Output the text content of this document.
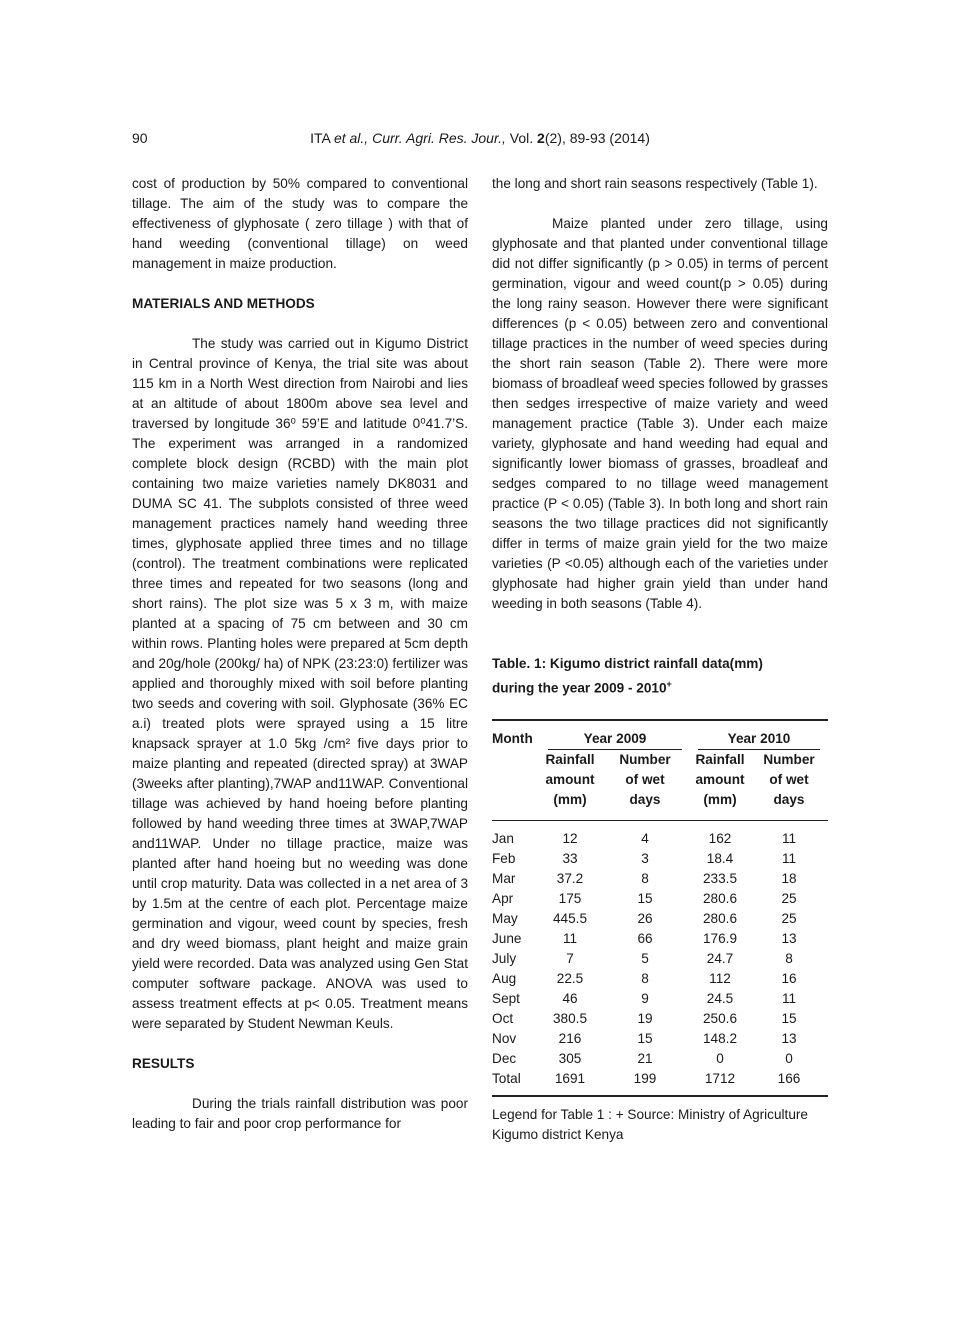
90	ITA et al., Curr. Agri. Res. Jour., Vol. 2(2), 89-93 (2014)

cost of production by 50% compared to conventional tillage. The aim of the study was to compare the effectiveness of glyphosate ( zero tillage ) with that of hand weeding (conventional tillage) on weed management in maize production.

MATERIALS AND METHODS

The study was carried out in Kigumo District in Central province of Kenya, the trial site was about 115 km in a North West direction from Nairobi and lies at an altitude of about 1800m above sea level and traversed by longitude 36⁰ 59’E and latitude 0⁰41.7’S. The experiment was arranged in a randomized complete block design (RCBD) with the main plot containing two maize varieties namely DK8031 and DUMA SC 41. The subplots consisted of three weed management practices namely hand weeding three times, glyphosate applied three times and no tillage (control). The treatment combinations were replicated three times and repeated for two seasons (long and short rains). The plot size was 5 x 3 m, with maize planted at a spacing of 75 cm between and 30 cm within rows. Planting holes were prepared at 5cm depth and 20g/hole (200kg/ ha) of NPK (23:23:0) fertilizer was applied and thoroughly mixed with soil before planting two seeds and covering with soil. Glyphosate (36% EC a.i) treated plots were sprayed using a 15 litre knapsack sprayer at 1.0 5kg /cm² five days prior to maize planting and repeated (directed spray) at 3WAP (3weeks after planting),7WAP and11WAP. Conventional tillage was achieved by hand hoeing before planting followed by hand weeding three times at 3WAP,7WAP and11WAP. Under no tillage practice, maize was planted after hand hoeing but no weeding was done until crop maturity. Data was collected in a net area of 3 by 1.5m at the centre of each plot. Percentage maize germination and vigour, weed count by species, fresh and dry weed biomass, plant height and maize grain yield were recorded. Data was analyzed using Gen Stat computer software package. ANOVA was used to assess treatment effects at p< 0.05. Treatment means were separated by Student Newman Keuls.

RESULTS

During the trials rainfall distribution was poor leading to fair and poor crop performance for

the long and short rain seasons respectively (Table 1).

Maize planted under zero tillage, using glyphosate and that planted under conventional tillage did not differ significantly (p > 0.05) in terms of percent germination, vigour and weed count(p > 0.05) during the long rainy season. However there were significant differences (p < 0.05) between zero and conventional tillage practices in the number of weed species during the short rain season (Table 2). There were more biomass of broadleaf weed species followed by grasses then sedges irrespective of maize variety and weed management practice (Table 3). Under each maize variety, glyphosate and hand weeding had equal and significantly lower biomass of grasses, broadleaf and sedges compared to no tillage weed management practice (P < 0.05) (Table 3). In both long and short rain seasons the two tillage practices did not significantly differ in terms of maize grain yield for the two maize varieties (P <0.05) although each of the varieties under glyphosate had higher grain yield than under hand weeding in both seasons (Table 4).

Table. 1: Kigumo district rainfall data(mm)
during the year 2009 - 2010+

Month	Year 2009		Year 2010	

	Rainfall
amount
(mm)	Number
of wet
days	Rainfall
amount
(mm)	Number
of wet
days

Jan	12	4	162	11
Feb	33	3	18.4	11
Mar	37.2	8	233.5	18
Apr	175	15	280.6	25
May	445.5	26	280.6	25
June	11	66	176.9	13
July	7	5	24.7	8
Aug	22.5	8	112	16
Sept	46	9	24.5	11
Oct	380.5	19	250.6	15
Nov	216	15	148.2	13
Dec	305	21	0	0
Total	1691	199	1712	166

Legend for Table 1 : + Source: Ministry of Agriculture Kigumo district Kenya
